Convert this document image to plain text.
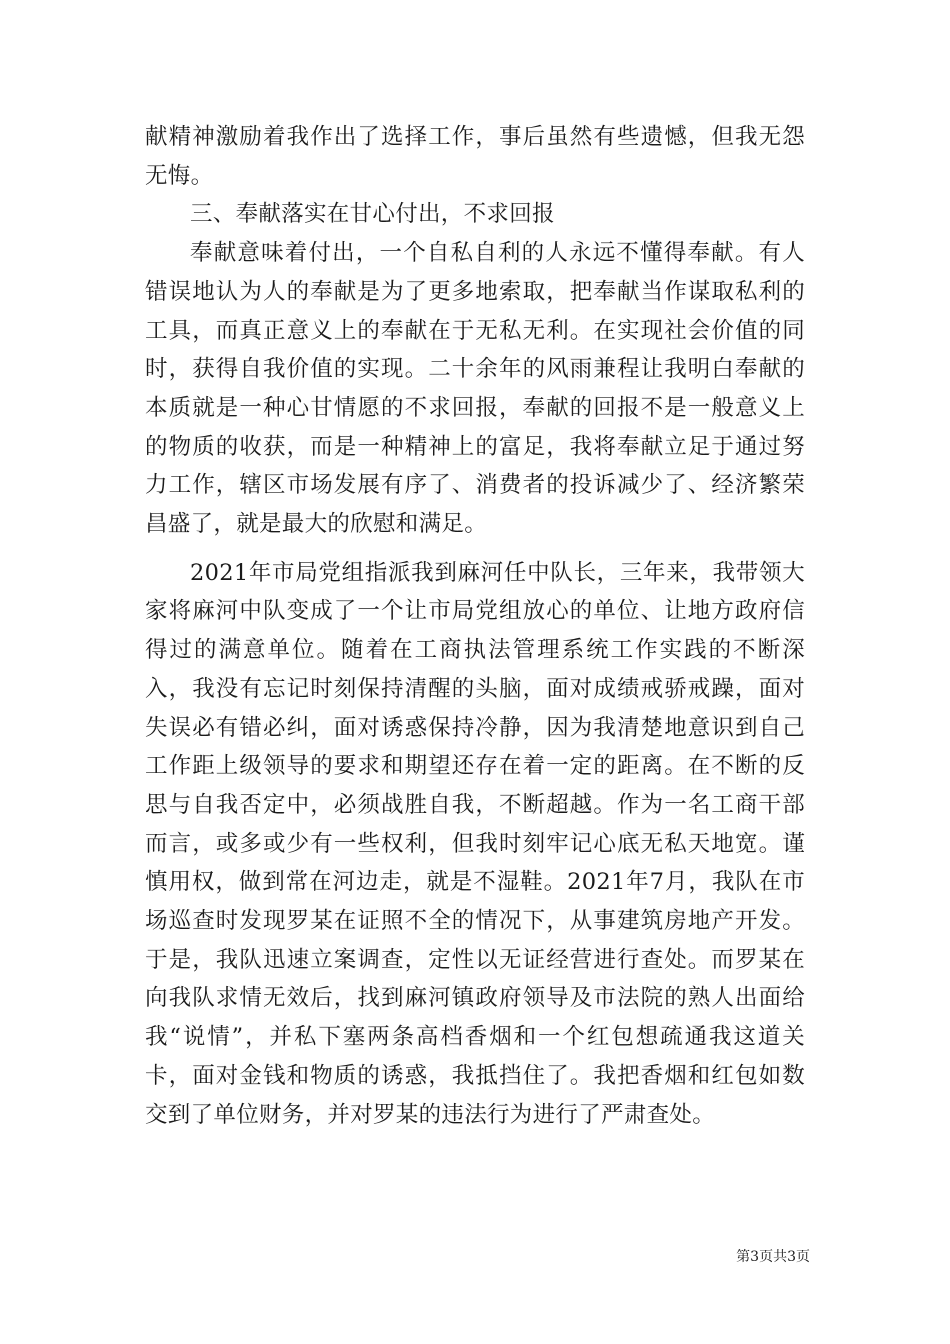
献精神激励着我作出了选择工作，事后虽然有些遗憾，但我无怨无悔。

三、奉献落实在甘心付出，不求回报

奉献意味着付出，一个自私自利的人永远不懂得奉献。有人错误地认为人的奉献是为了更多地索取，把奉献当作谋取私利的工具，而真正意义上的奉献在于无私无利。在实现社会价值的同时，获得自我价值的实现。二十余年的风雨兼程让我明白奉献的本质就是一种心甘情愿的不求回报，奉献的回报不是一般意义上的物质的收获，而是一种精神上的富足，我将奉献立足于通过努力工作，辖区市场发展有序了、消费者的投诉减少了、经济繁荣昌盛了，就是最大的欣慰和满足。

2021年市局党组指派我到麻河任中队长，三年来，我带领大家将麻河中队变成了一个让市局党组放心的单位、让地方政府信得过的满意单位。随着在工商执法管理系统工作实践的不断深入，我没有忘记时刻保持清醒的头脑，面对成绩戒骄戒躁，面对失误必有错必纠，面对诱惑保持冷静，因为我清楚地意识到自己工作距上级领导的要求和期望还存在着一定的距离。在不断的反思与自我否定中，必须战胜自我，不断超越。作为一名工商干部而言，或多或少有一些权利，但我时刻牢记心底无私天地宽。谨慎用权，做到常在河边走，就是不湿鞋。2021年7月，我队在市场巡查时发现罗某在证照不全的情况下，从事建筑房地产开发。于是，我队迅速立案调查，定性以无证经营进行查处。而罗某在向我队求情无效后，找到麻河镇政府领导及市法院的熟人出面给我“说情”，并私下塞两条高档香烟和一个红包想疏通我这道关卡，面对金钱和物质的诱惑，我抵挡住了。我把香烟和红包如数交到了单位财务，并对罗某的违法行为进行了严肃查处。

第3页共3页
